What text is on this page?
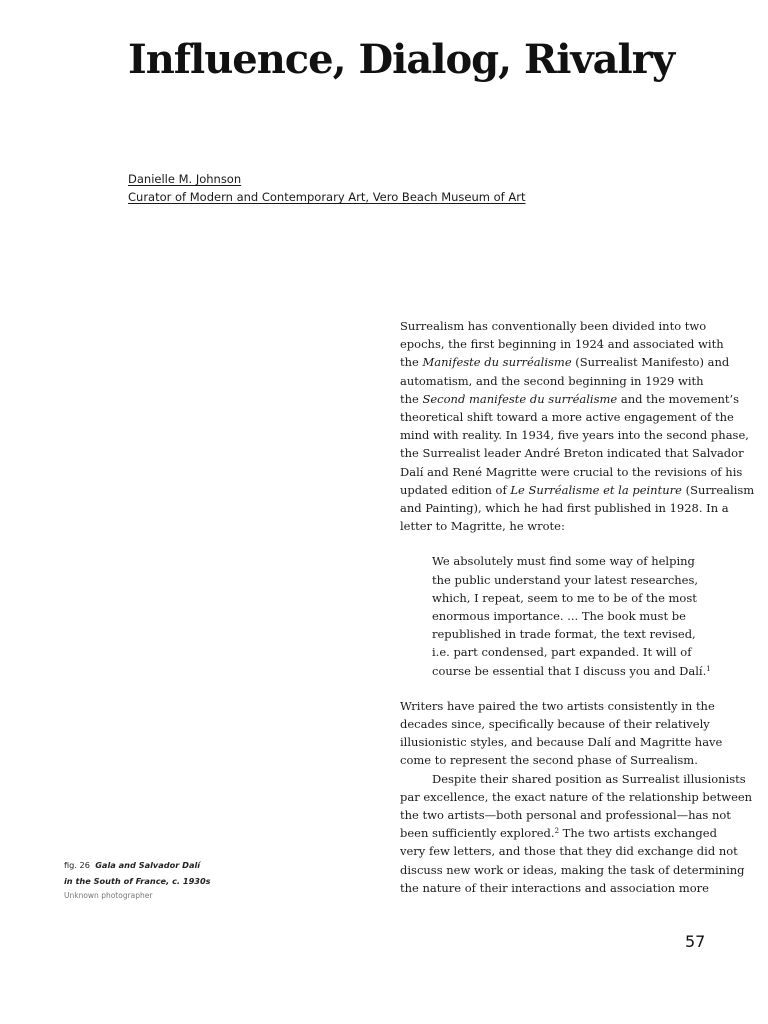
Influence, Dialog, Rivalry
Danielle M. Johnson
Curator of Modern and Contemporary Art, Vero Beach Museum of Art
Surrealism has conventionally been divided into two
epochs, the first beginning in 1924 and associated with
the Manifeste du surréalisme (Surrealist Manifesto) and
automatism, and the second beginning in 1929 with
the Second manifeste du surréalisme and the movement’s
theoretical shift toward a more active engagement of the
mind with reality. In 1934, five years into the second phase,
the Surrealist leader André Breton indicated that Salvador
Dalí and René Magritte were crucial to the revisions of his
updated edition of Le Surréalisme et la peinture (Surrealism
and Painting), which he had first published in 1928. In a
letter to Magritte, he wrote:
We absolutely must find some way of helping
the public understand your latest researches,
which, I repeat, seem to me to be of the most
enormous importance. ... The book must be
republished in trade format, the text revised,
i.e. part condensed, part expanded. It will of
course be essential that I discuss you and Dalí.$^1$
Writers have paired the two artists consistently in the
decades since, specifically because of their relatively
illusionistic styles, and because Dalí and Magritte have
come to represent the second phase of Surrealism.
Despite their shared position as Surrealist illusionists
par excellence, the exact nature of the relationship between
the two artists—both personal and professional—has not
been sufficiently explored.$^2$ The two artists exchanged
very few letters, and those that they did exchange did not
discuss new work or ideas, making the task of determining
the nature of their interactions and association more
fig. 26 Gala and Salvador Dalí
in the South of France, c. 1930s
Unknown photographer
57
